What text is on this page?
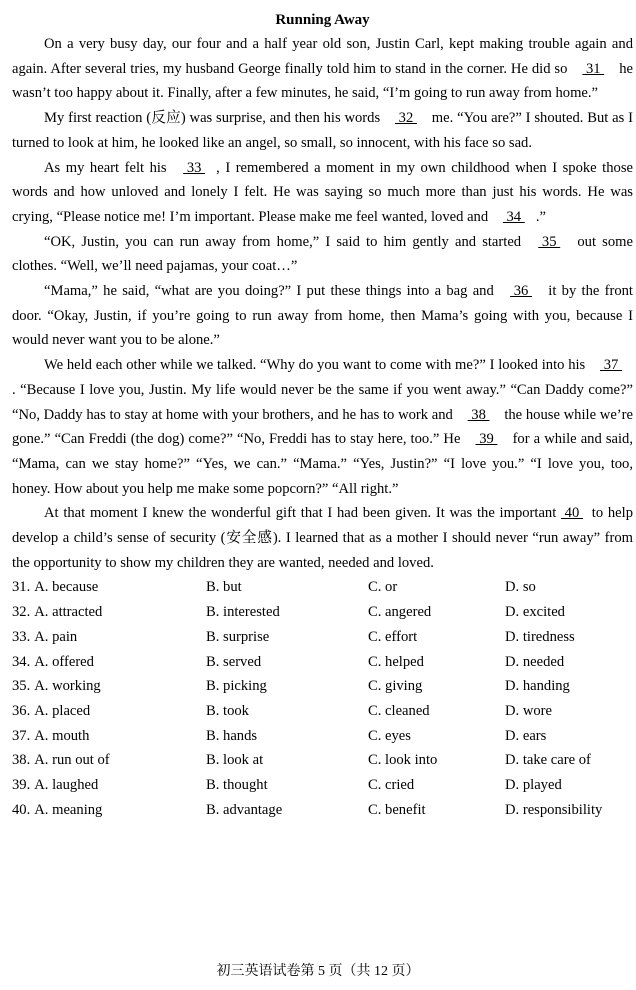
Running Away

On a very busy day, our four and a half year old son, Justin Carl, kept making trouble again and again. After several tries, my husband George finally told him to stand in the corner. He did so  31  he wasn’t too happy about it. Finally, after a few minutes, he said, “I’m going to run away from home.”

My first reaction (反应) was surprise, and then his words  32  me. “You are?” I shouted. But as I turned to look at him, he looked like an angel, so small, so innocent, with his face so sad.

As my heart felt his  33 , I remembered a moment in my own childhood when I spoke those words and how unloved and lonely I felt. He was saying so much more than just his words. He was crying, “Please notice me! I’m important. Please make me feel wanted, loved and  34 .”

“OK, Justin, you can run away from home,” I said to him gently and started  35  out some clothes. “Well, we’ll need pajamas, your coat…”

“Mama,” he said, “what are you doing?” I put these things into a bag and  36  it by the front door. “Okay, Justin, if you’re going to run away from home, then Mama’s going with you, because I would never want you to be alone.”

We held each other while we talked. “Why do you want to come with me?” I looked into his  37 . “Because I love you, Justin. My life would never be the same if you went away.” “Can Daddy come?” “No, Daddy has to stay at home with your brothers, and he has to work and  38  the house while we’re gone.” “Can Freddi (the dog) come?” “No, Freddi has to stay here, too.” He  39  for a while and said, “Mama, can we stay home?” “Yes, we can.” “Mama.” “Yes, Justin?” “I love you.” “I love you, too, honey. How about you help me make some popcorn?” “All right.”

At that moment I knew the wonderful gift that I had been given. It was the important  40  to help develop a child’s sense of security (安全感). I learned that as a mother I should never “run away” from the opportunity to show my children they are wanted, needed and loved.

31. A. because	B. but	C. or	D. so
32. A. attracted	B. interested	C. angered	D. excited
33. A. pain	B. surprise	C. effort	D. tiredness
34. A. offered	B. served	C. helped	D. needed
35. A. working	B. picking	C. giving	D. handing
36. A. placed	B. took	C. cleaned	D. wore
37. A. mouth	B. hands	C. eyes	D. ears
38. A. run out of	B. look at	C. look into	D. take care of
39. A. laughed	B. thought	C. cried	D. played
40. A. meaning	B. advantage	C. benefit	D. responsibility
初三英语试卷第 5 页（共 12 页）
